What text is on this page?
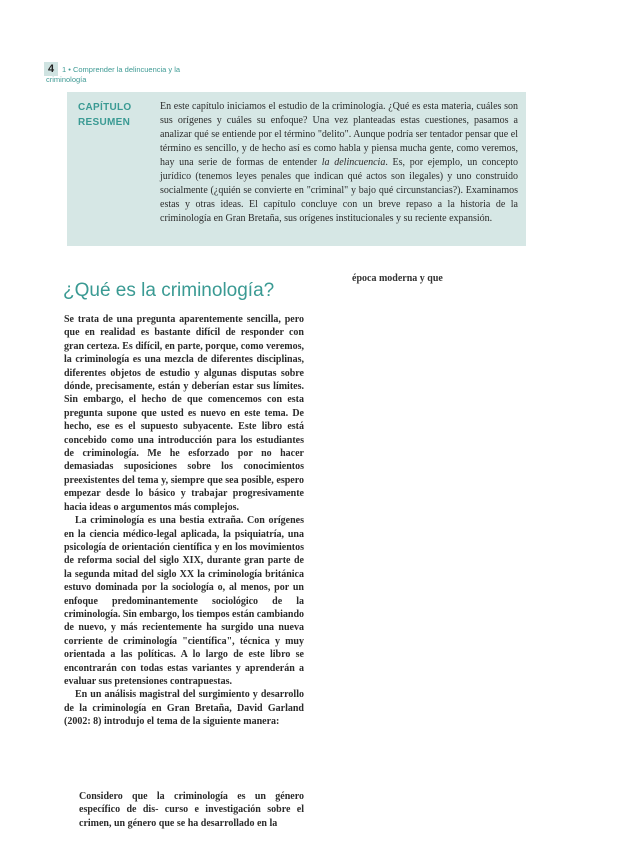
4	1 • Comprender la delincuencia y la criminología
CAPÍTULO
RESUMEN

En este capítulo iniciamos el estudio de la criminología. ¿Qué es esta materia, cuáles son sus orígenes y cuáles su enfoque? Una vez planteadas estas cuestiones, pasamos a analizar qué se entiende por el término "delito". Aunque podría ser tentador pensar que el término es sencillo, y de hecho así es como habla y piensa mucha gente, como veremos, hay una serie de formas de entender la delincuencia. Es, por ejemplo, un concepto jurídico (tenemos leyes penales que indican qué actos son ilegales) y uno construido socialmente (¿quién se convierte en "criminal" y bajo qué circunstancias?). Examinamos estas y otras ideas. El capítulo concluye con un breve repaso a la historia de la criminología en Gran Bretaña, sus orígenes institucionales y su reciente expansión.

época moderna y que

¿Qué es la criminología?

Se trata de una pregunta aparentemente sencilla, pero que en realidad es bastante difícil de responder con gran certeza. Es difícil, en parte, porque, como veremos, la criminología es una mezcla de diferentes disciplinas, diferentes objetos de estudio y algunas disputas sobre dónde, precisamente, están y deberían estar sus límites. Sin embargo, el hecho de que comencemos con esta pregunta supone que usted es nuevo en este tema. De hecho, ese es el supuesto subyacente. Este libro está concebido como una introducción para los estudiantes de criminología. Me he esforzado por no hacer demasiadas suposiciones sobre los conocimientos preexistentes del tema y, siempre que sea posible, espero empezar desde lo básico y trabajar progresivamente hacia ideas o argumentos más complejos.

La criminología es una bestia extraña. Con orígenes en la ciencia médico-legal aplicada, la psiquiatría, una psicología de orientación científica y en los movimientos de reforma social del siglo XIX, durante gran parte de la segunda mitad del siglo XX la criminología británica estuvo dominada por la sociología o, al menos, por un enfoque predominantemente sociológico de la criminología. Sin embargo, los tiempos están cambiando de nuevo, y más recientemente ha surgido una nueva corriente de criminología "científica", técnica y muy orientada a las políticas. A lo largo de este libro se encontrarán con todas estas variantes y aprenderán a evaluar sus pretensiones contrapuestas.

En un análisis magistral del surgimiento y desarrollo de la criminología en Gran Bretaña, David Garland (2002: 8) introdujo el tema de la siguiente manera:

Considero que la criminología es un género específico de dis- curso e investigación sobre el crimen, un género que se ha desarrollado en la
